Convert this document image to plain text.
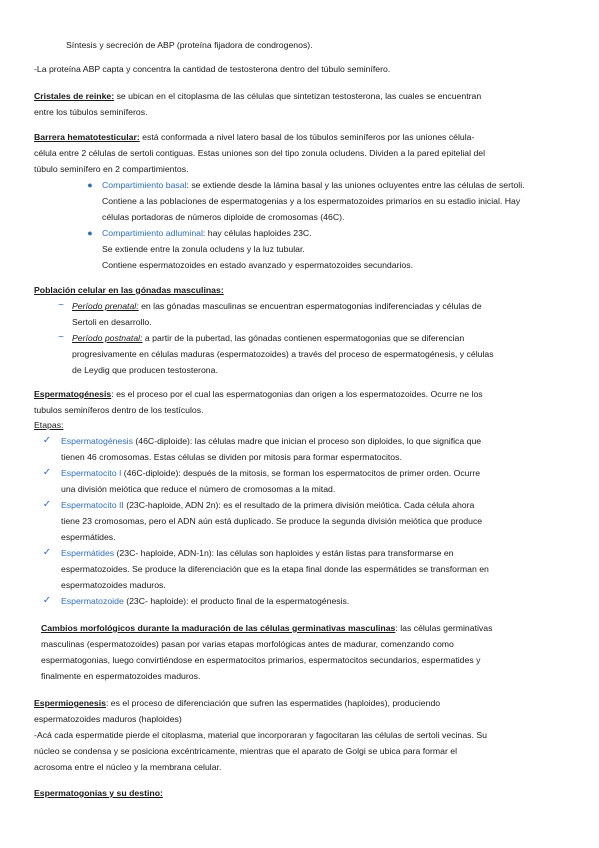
Síntesis y secreción de ABP (proteína fijadora de condrogenos).
-La proteína ABP capta y concentra la cantidad de testosterona dentro del túbulo seminífero.
Cristales de reinke: se ubican en el citoplasma de las células que sintetizan testosterona, las cuales se encuentran
entre los túbulos seminíferos.
Barrera hematotesticular: está conformada a nivel latero basal de los túbulos seminíferos por las uniones célula-
célula entre 2 células de sertoli contiguas. Estas uniones son del tipo zonula ocludens. Dividen a la pared epitelial del
túbulo seminífero en 2 compartimientos.
● Compartimiento basal: se extiende desde la lámina basal y las uniones ocluyentes entre las células de sertoli.
Contiene a las poblaciones de espermatogenias y a los espermatozoides primarios en su estadio inicial. Hay
células portadoras de números diploide de cromosomas (46C).
● Compartimiento adluminal: hay células haploides 23C.
Se extiende entre la zonula ocludens y la luz tubular.
Contiene espermatozoides en estado avanzado y espermatozoides secundarios.
Población celular en las gónadas masculinas:
~ Período prenatal: en las gónadas masculinas se encuentran espermatogonias indiferenciadas y células de
Sertoli en desarrollo.
~ Período postnatal: a partir de la pubertad, las gónadas contienen espermatogonias que se diferencian
progresivamente en células maduras (espermatozoides) a través del proceso de espermatogénesis, y células
de Leydig que producen testosterona.
Espermatogénesis: es el proceso por el cual las espermatogonias dan origen a los espermatozoides. Ocurre ne los
tubulos seminíferos dentro de los testículos.
Etapas:
✓ Espermatogénesis (46C-diploide): las células madre que inician el proceso son diploides, lo que significa que
tienen 46 cromosomas. Estas células se dividen por mitosis para formar espermatocitos.
✓ Espermatocito I (46C-diploide): después de la mitosis, se forman los espermatocitos de primer orden. Ocurre
una división meiótica que reduce el número de cromosomas a la mitad.
✓ Espermatocito II (23C-haploide, ADN 2n): es el resultado de la primera división meiótica. Cada célula ahora
tiene 23 cromosomas, pero el ADN aún está duplicado. Se produce la segunda división meiótica que produce
espermátides.
✓ Espermátides (23C- haploide, ADN-1n): las células son haploides y están listas para transformarse en
espermatozoides. Se produce la diferenciación que es la etapa final donde las espermátides se transforman en
espermatozoides maduros.
✓ Espermatozoide (23C- haploide): el producto final de la espermatogénesis.
Cambios morfológicos durante la maduración de las células germinativas masculinas: las células germinativas
masculinas (espermatozoides) pasan por varias etapas morfológicas antes de madurar, comenzando como
espermatogonias, luego convirtiéndose en espermatocitos primarios, espermatocitos secundarios, espermatides y
finalmente en espermatozoides maduros.
Espermiogenesis: es el proceso de diferenciación que sufren las espermatides (haploides), produciendo
espermatozoides maduros (haploides)
-Acá cada espermatide pierde el citoplasma, material que incorporaran y fagocitaran las células de sertoli vecinas. Su
núcleo se condensa y se posiciona excéntricamente, mientras que el aparato de Golgi se ubica para formar el
acrosoma entre el núcleo y la membrana celular.
Espermatogonias y su destino:
